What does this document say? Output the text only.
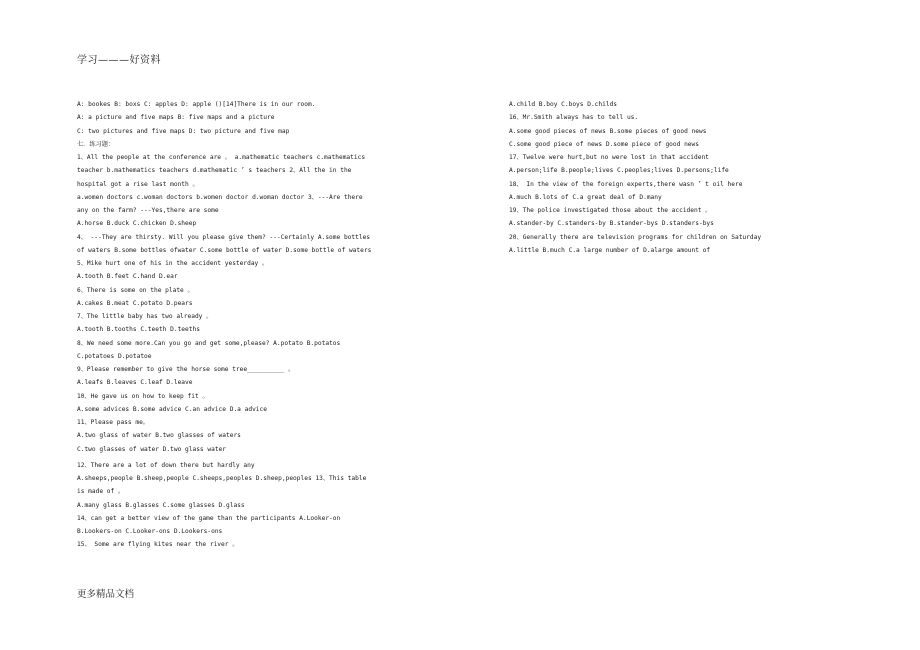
学习———好资料
A: bookes B: boxs C: apples D: apple ()[14]There is in our room.
A: a picture and five maps B: five maps and a picture
C: two pictures and five maps D: two picture and five map
七．练习题：
1、All the people at the conference are 。 a.mathematic teachers c.mathematics
teacher b.mathematics teachers d.mathematic ’ s teachers 2、All the in the
hospital got a rise last month 。
a.women doctors c.woman doctors b.women doctor d.woman doctor 3、---Are there
any on the farm? ---Yes,there are some
A.horse B.duck C.chicken D.sheep
4、 ---They are thirsty. Will you please give them? ---Certainly A.some bottles
of waters B.some bottles ofwater C.some bottle of water D.some bottle of waters
5、Mike hurt one of his in the accident yesterday 。
A.tooth B.feet C.hand D.ear
6、There is some on the plate 。
A.cakes B.meat C.potato D.pears
7、The little baby has two already 。
A.tooth B.tooths C.teeth D.teeths
8、We need some more.Can you go and get some,please? A.potato B.potatos
C.potatoes D.potatoe
9、Please remember to give the horse some tree__________ 。
A.leafs B.leaves C.leaf D.leave
10、He gave us on how to keep fit 。
A.some advices B.some advice C.an advice D.a advice
11、Please pass me。
A.two glass of water B.two glasses of waters
C.two glasses of water D.two glass water
12、There are a lot of down there but hardly any
A.sheeps,people B.sheep,people C.sheeps,peoples D.sheep,peoples 13、This table
is made of 。
A.many glass B.glasses C.some glasses D.glass
14、can get a better view of the game than the participants A.Looker-on
B.Lookers-on C.Looker-ons D.Lookers-ons
15、 Some are flying kites near the river 。
A.child B.boy C.boys D.childs
16、Mr.Smith always has to tell us.
A.some good pieces of news B.some pieces of good news
C.some good piece of news D.some piece of good news
17、Twelve were hurt,but no were lost in that accident
A.person;life B.people;lives C.peoples;lives D.persons;life
18、 In the view of the foreign experts,there wasn ’ t oil here
A.much B.lots of C.a great deal of D.many
19、The police investigated those about the accident 。
A.stander-by C.standers-by B.stander-bys D.standers-bys
20、Generally there are television programs for children on Saturday
A.little B.much C.a large number of D.alarge amount of
更多精品文档
